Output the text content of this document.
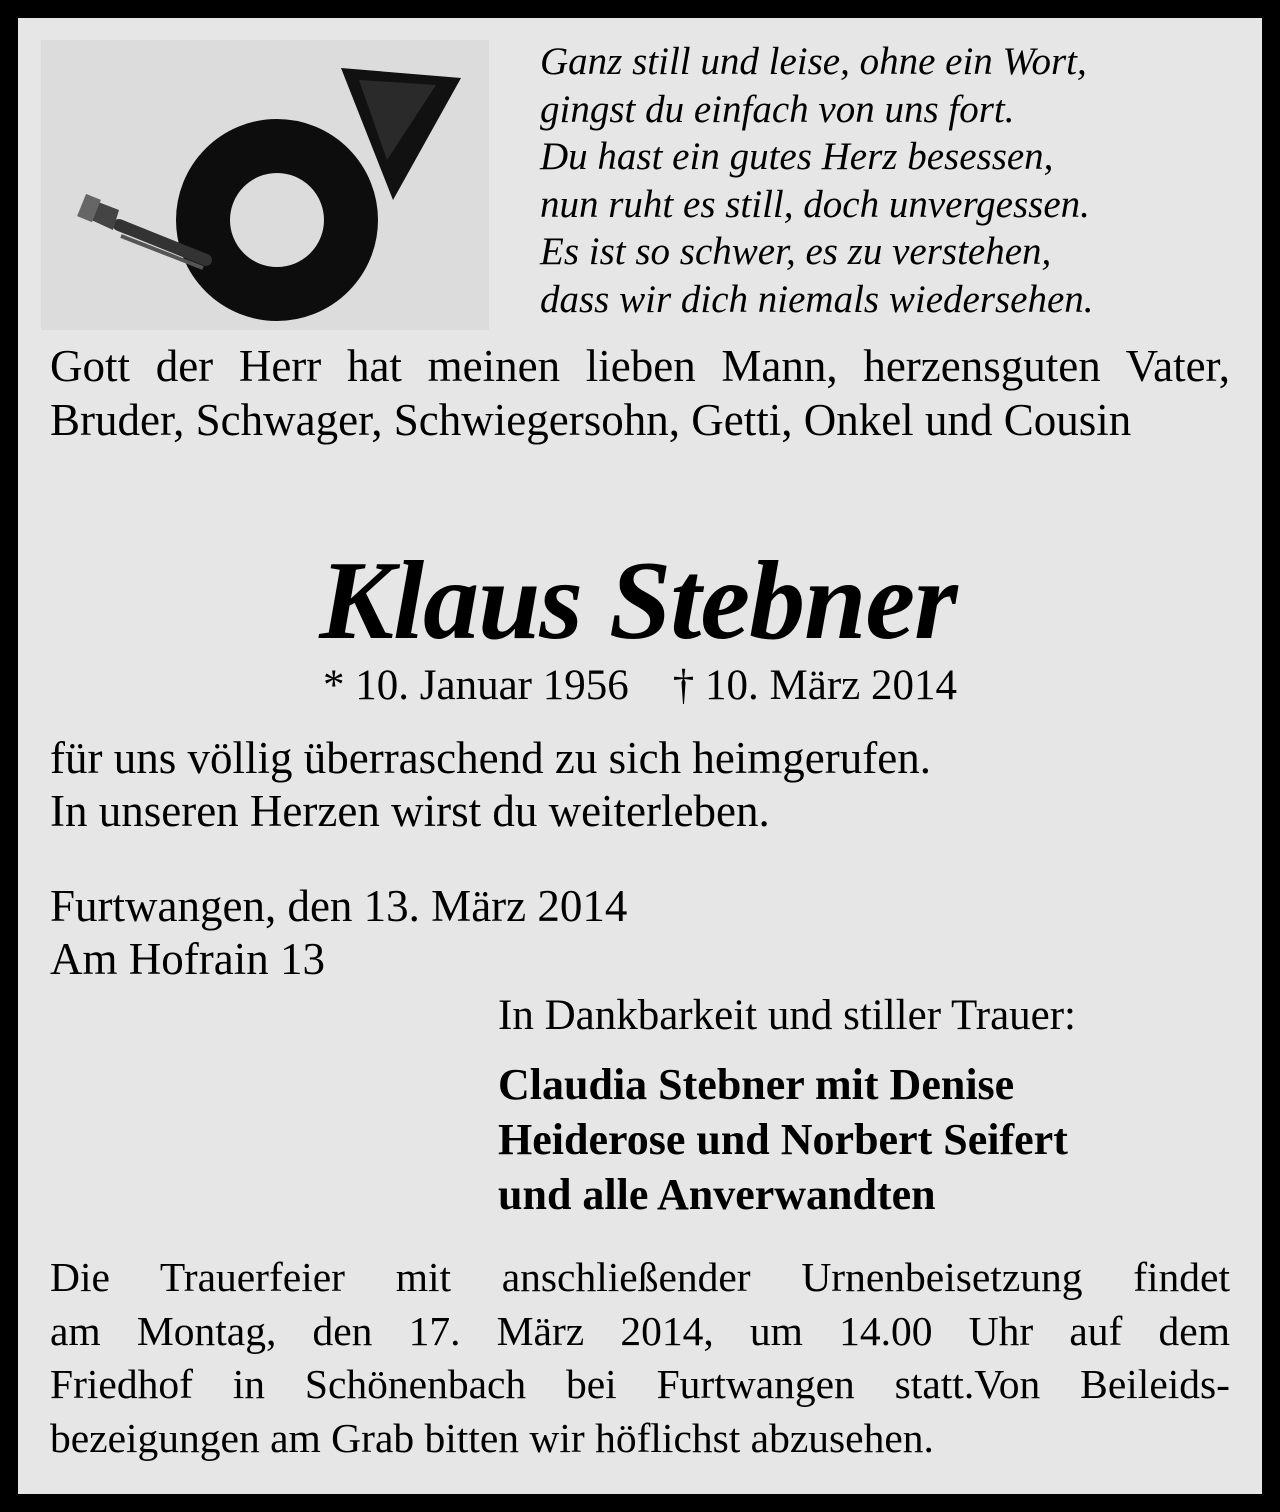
Ganz still und leise, ohne ein Wort,
gingst du einfach von uns fort.
Du hast ein gutes Herz besessen,
nun ruht es still, doch unvergessen.
Es ist so schwer, es zu verstehen,
dass wir dich niemals wiedersehen.
Gott der Herr hat meinen lieben Mann, herzensguten Vater, Bruder, Schwager, Schwiegersohn, Getti, Onkel und Cousin
Klaus Stebner
* 10. Januar 1956 † 10. März 2014
für uns völlig überraschend zu sich heimgerufen.
In unseren Herzen wirst du weiterleben.
Furtwangen, den 13. März 2014
Am Hofrain 13
In Dankbarkeit und stiller Trauer:
Claudia Stebner mit Denise
Heiderose und Norbert Seifert
und alle Anverwandten
Die Trauerfeier mit anschließender Urnenbeisetzung findet
am Montag, den 17. März 2014, um 14.00 Uhr auf dem
Friedhof in Schönenbach bei Furtwangen statt.Von Beileids-
bezeigungen am Grab bitten wir höflichst abzusehen.
